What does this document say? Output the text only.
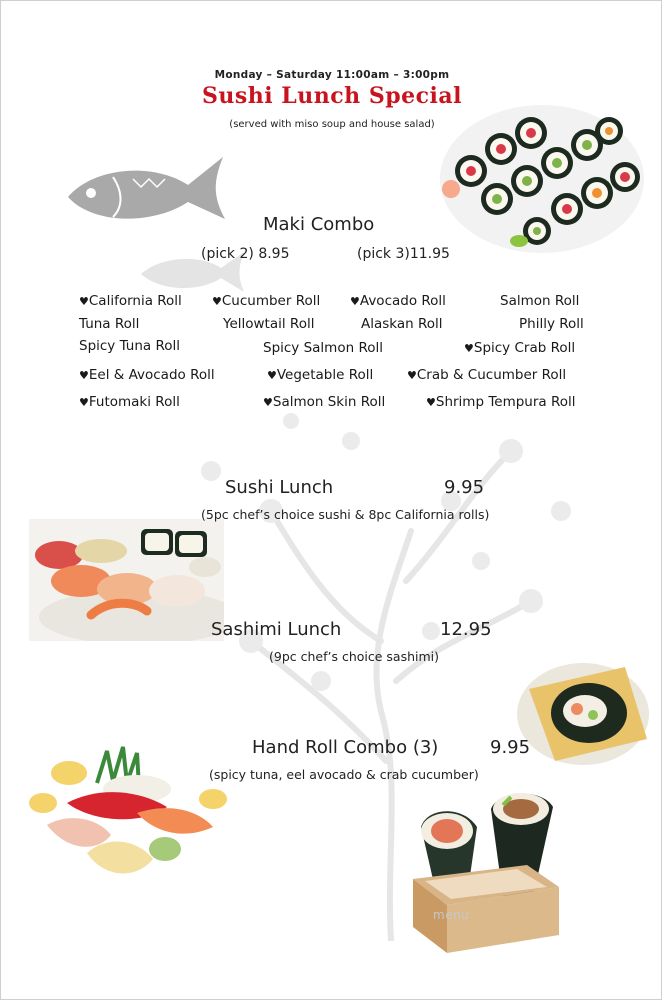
Monday – Saturday 11:00am – 3:00pm
Sushi Lunch Special
(served with miso soup and house salad)
Maki Combo
(pick 2) 8.95	(pick 3)11.95
♥California Roll	♥Cucumber Roll	♥Avocado Roll	Salmon Roll
Tuna Roll	Yellowtail Roll	Alaskan Roll	Philly Roll
Spicy Tuna Roll	Spicy Salmon Roll	♥Spicy Crab Roll
♥Eel & Avocado Roll	♥Vegetable Roll	♥Crab & Cucumber Roll
♥Futomaki Roll	♥Salmon Skin Roll	♥Shrimp Tempura Roll
Sushi Lunch	9.95
(5pc chef’s choice sushi & 8pc California rolls)
Sashimi Lunch	12.95
(9pc chef’s choice sashimi)
Hand Roll Combo (3)	9.95
(spicy tuna, eel avocado & crab cucumber)
menu
